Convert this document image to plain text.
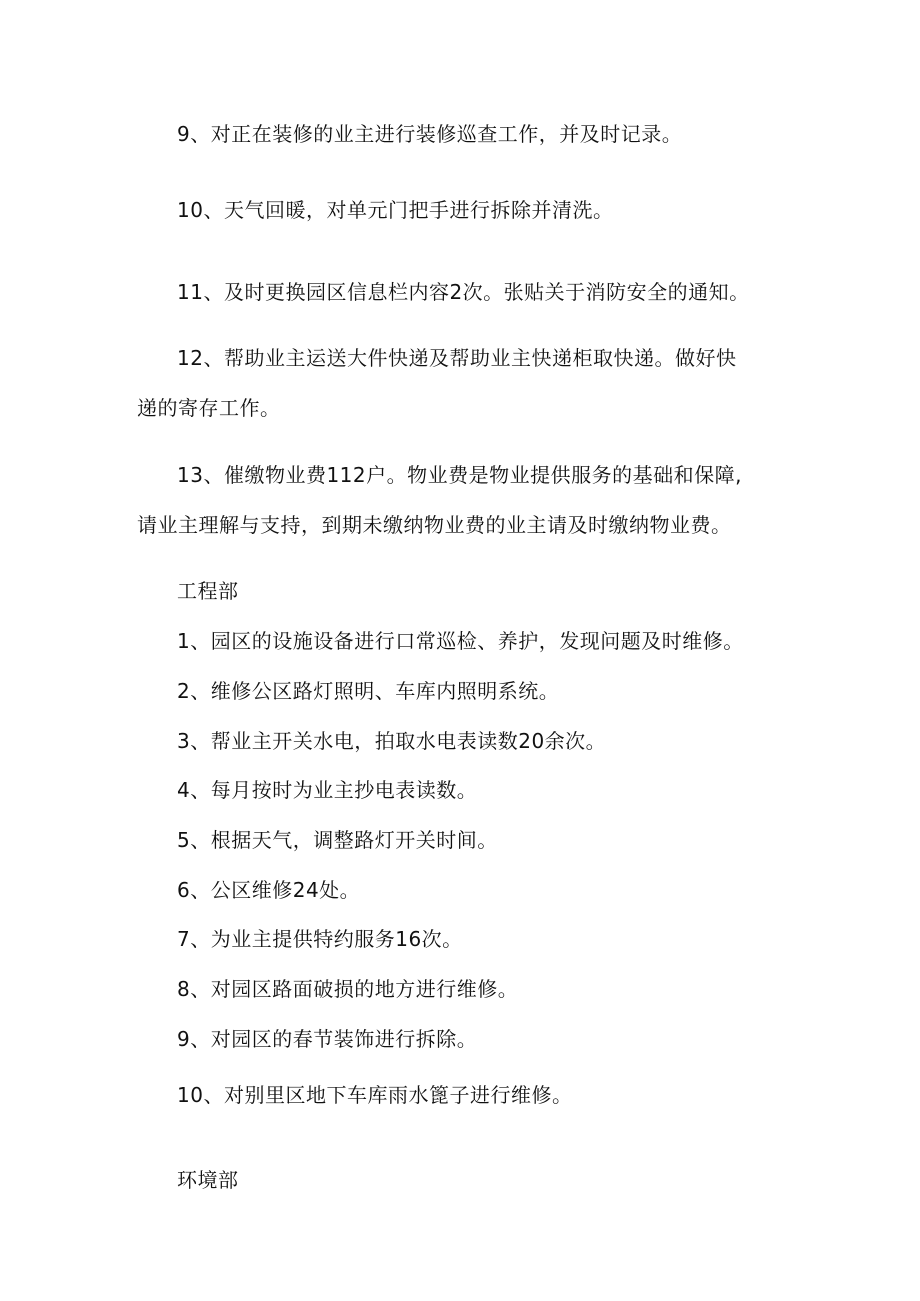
9、对正在装修的业主进行装修巡查工作，并及时记录。
10、天气回暖，对单元门把手进行拆除并清洗。
11、及时更换园区信息栏内容2次。张贴关于消防安全的通知。
12、帮助业主运送大件快递及帮助业主快递柜取快递。做好快
递的寄存工作。
13、催缴物业费112户。物业费是物业提供服务的基础和保障,
请业主理解与支持，到期未缴纳物业费的业主请及时缴纳物业费。
工程部
1、园区的设施设备进行口常巡检、养护，发现问题及时维修。
2、维修公区路灯照明、车库内照明系统。
3、帮业主开关水电，拍取水电表读数20余次。
4、每月按时为业主抄电表读数。
5、根据天气，调整路灯开关时间。
6、公区维修24处。
7、为业主提供特约服务16次。
8、对园区路面破损的地方进行维修。
9、对园区的春节装饰进行拆除。
10、对别里区地下车库雨水篦子进行维修。
环境部
